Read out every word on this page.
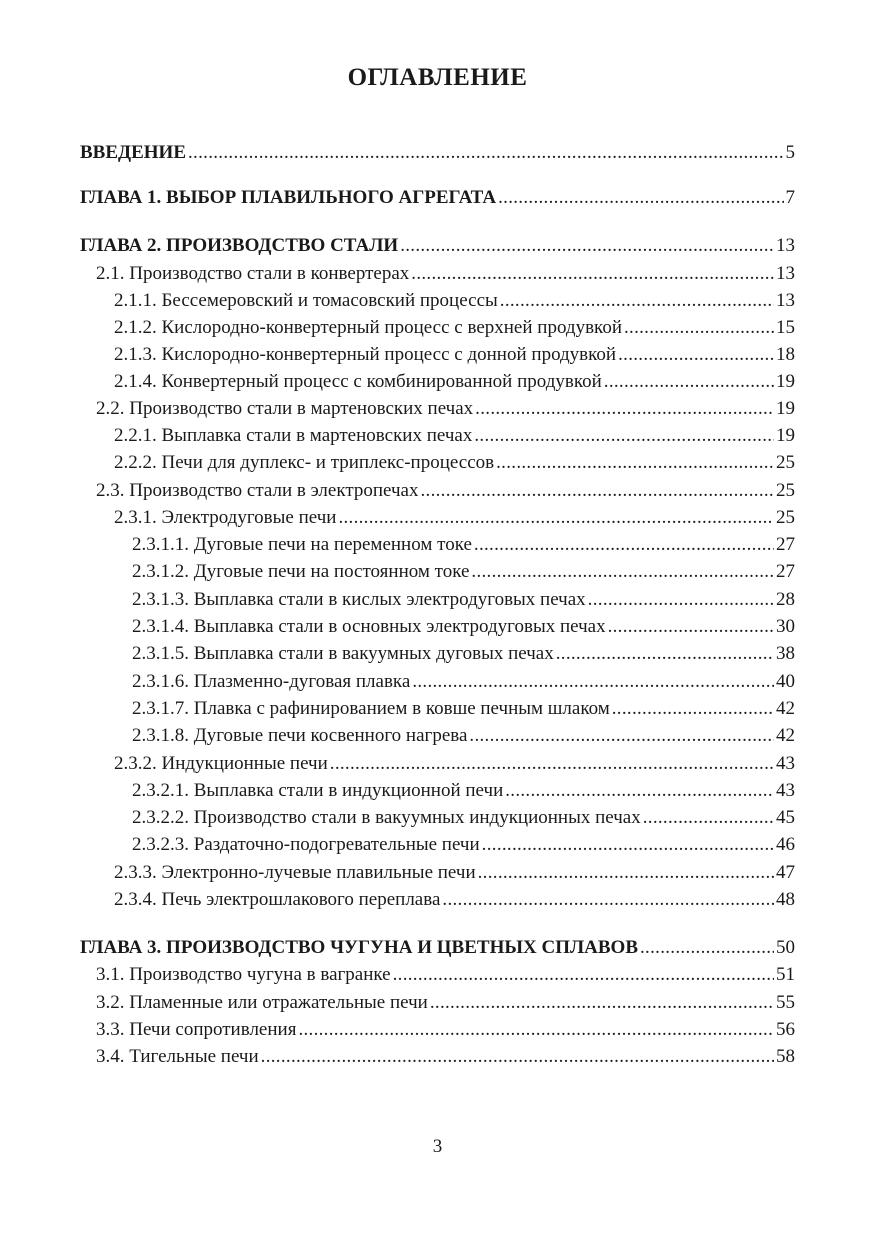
ОГЛАВЛЕНИЕ
ВВЕДЕНИЕ .....	5
ГЛАВА 1. ВЫБОР ПЛАВИЛЬНОГО АГРЕГАТА .....	7
ГЛАВА 2. ПРОИЗВОДСТВО СТАЛИ .....	13
2.1. Производство стали в конвертерах .....	13
2.1.1. Бессемеровский и томасовский процессы .....	13
2.1.2. Кислородно-конвертерный процесс с верхней продувкой .....	15
2.1.3. Кислородно-конвертерный процесс с донной продувкой .....	18
2.1.4. Конвертерный процесс с комбинированной продувкой .....	19
2.2. Производство стали в мартеновских печах .....	19
2.2.1. Выплавка стали в мартеновских печах .....	19
2.2.2. Печи для дуплекс- и триплекс-процессов .....	25
2.3. Производство стали в электропечах .....	25
2.3.1. Электродуговые печи .....	25
2.3.1.1. Дуговые печи на переменном токе .....	27
2.3.1.2. Дуговые печи на постоянном токе .....	27
2.3.1.3. Выплавка стали в кислых электродуговых печах .....	28
2.3.1.4. Выплавка стали в основных электродуговых печах .....	30
2.3.1.5. Выплавка стали в вакуумных дуговых печах .....	38
2.3.1.6. Плазменно-дуговая плавка .....	40
2.3.1.7. Плавка с рафинированием в ковше печным шлаком .....	42
2.3.1.8. Дуговые печи косвенного нагрева .....	42
2.3.2. Индукционные печи .....	43
2.3.2.1. Выплавка стали в индукционной печи .....	43
2.3.2.2. Производство стали в вакуумных индукционных печах .....	45
2.3.2.3. Раздаточно-подогревательные печи .....	46
2.3.3. Электронно-лучевые плавильные печи .....	47
2.3.4. Печь электрошлакового переплава .....	48
ГЛАВА 3. ПРОИЗВОДСТВО ЧУГУНА И ЦВЕТНЫХ СПЛАВОВ .....	50
3.1. Производство чугуна в вагранке .....	51
3.2. Пламенные или отражательные печи .....	55
3.3. Печи сопротивления .....	56
3.4. Тигельные печи .....	58
3
